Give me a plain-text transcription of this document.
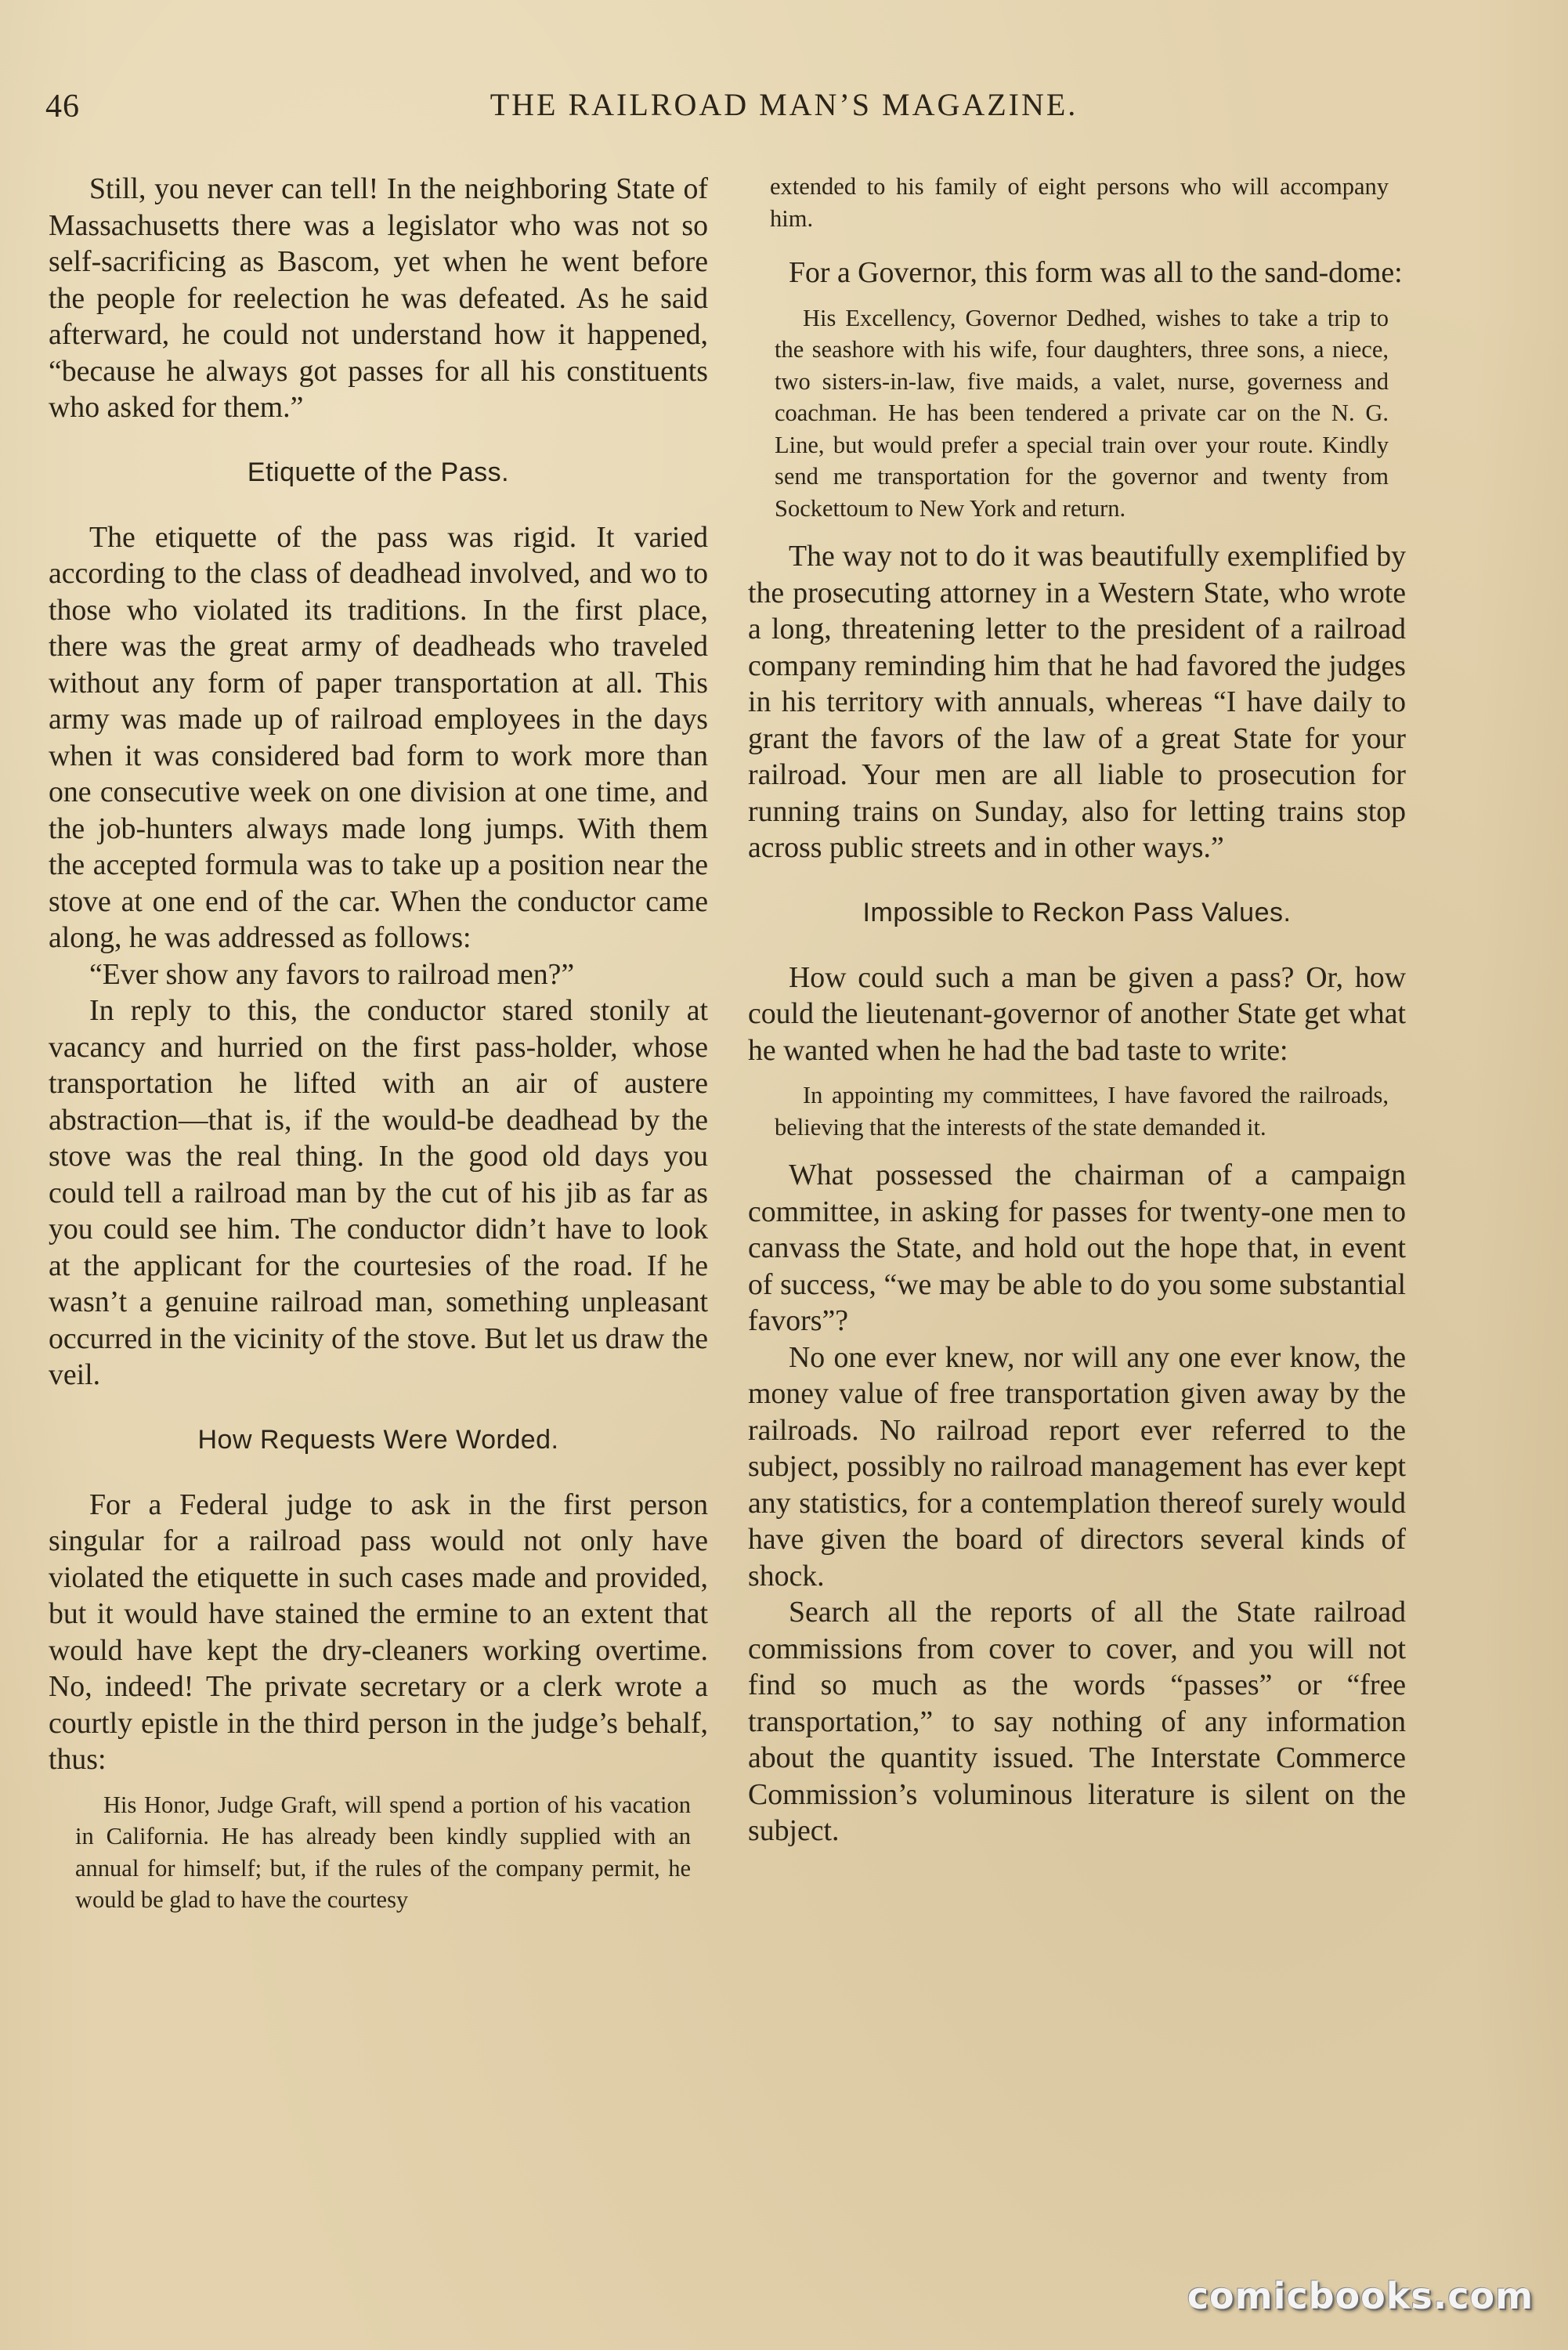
46	THE RAILROAD MAN’S MAGAZINE.

Still, you never can tell! In the neighboring State of Massachusetts there was a legislator who was not so self-sacrificing as Bascom, yet when he went before the people for reelection he was defeated. As he said afterward, he could not understand how it happened, “because he always got passes for all his constituents who asked for them.”

Etiquette of the Pass.

The etiquette of the pass was rigid. It varied according to the class of deadhead involved, and wo to those who violated its traditions. In the first place, there was the great army of deadheads who traveled without any form of paper transportation at all. This army was made up of railroad employees in the days when it was considered bad form to work more than one consecutive week on one division at one time, and the job-hunters always made long jumps. With them the accepted formula was to take up a position near the stove at one end of the car. When the conductor came along, he was addressed as follows:

“Ever show any favors to railroad men?”

In reply to this, the conductor stared stonily at vacancy and hurried on the first pass-holder, whose transportation he lifted with an air of austere abstraction—that is, if the would-be deadhead by the stove was the real thing. In the good old days you could tell a railroad man by the cut of his jib as far as you could see him. The conductor didn’t have to look at the applicant for the courtesies of the road. If he wasn’t a genuine railroad man, something unpleasant occurred in the vicinity of the stove. But let us draw the veil.

How Requests Were Worded.

For a Federal judge to ask in the first person singular for a railroad pass would not only have violated the etiquette in such cases made and provided, but it would have stained the ermine to an extent that would have kept the dry-cleaners working overtime. No, indeed! The private secretary or a clerk wrote a courtly epistle in the third person in the judge’s behalf, thus:

His Honor, Judge Graft, will spend a portion of his vacation in California. He has already been kindly supplied with an annual for himself; but, if the rules of the company permit, he would be glad to have the courtesy

extended to his family of eight persons who will accompany him.

For a Governor, this form was all to the sand-dome:

His Excellency, Governor Dedhed, wishes to take a trip to the seashore with his wife, four daughters, three sons, a niece, two sisters-in-law, five maids, a valet, nurse, governess and coachman. He has been tendered a private car on the N. G. Line, but would prefer a special train over your route. Kindly send me transportation for the governor and twenty from Sockettoum to New York and return.

The way not to do it was beautifully exemplified by the prosecuting attorney in a Western State, who wrote a long, threatening letter to the president of a railroad company reminding him that he had favored the judges in his territory with annuals, whereas “I have daily to grant the favors of the law of a great State for your railroad. Your men are all liable to prosecution for running trains on Sunday, also for letting trains stop across public streets and in other ways.”

Impossible to Reckon Pass Values.

How could such a man be given a pass? Or, how could the lieutenant-governor of another State get what he wanted when he had the bad taste to write:

In appointing my committees, I have favored the railroads, believing that the interests of the state demanded it.

What possessed the chairman of a campaign committee, in asking for passes for twenty-one men to canvass the State, and hold out the hope that, in event of success, “we may be able to do you some substantial favors”?

No one ever knew, nor will any one ever know, the money value of free transportation given away by the railroads. No railroad report ever referred to the subject, possibly no railroad management has ever kept any statistics, for a contemplation thereof surely would have given the board of directors several kinds of shock.

Search all the reports of all the State railroad commissions from cover to cover, and you will not find so much as the words “passes” or “free transportation,” to say nothing of any information about the quantity issued. The Interstate Commerce Commission’s voluminous literature is silent on the subject.

comicbooks.com
